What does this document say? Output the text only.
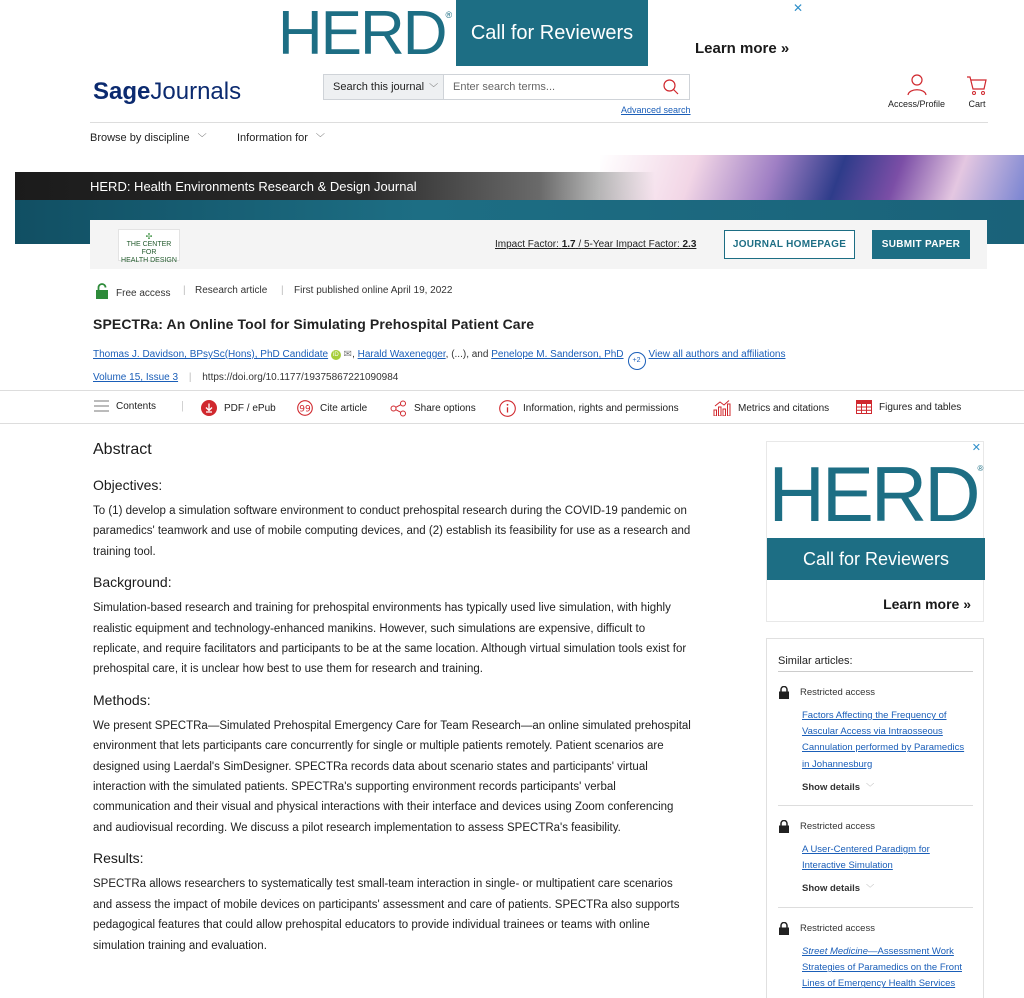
HERD®
Call for Reviewers
Learn more »
✕
SageJournals	Search this journal ﹀ Enter search terms...
Advanced search
Access/Profile	Cart
Browse by discipline ﹀	Information for ﹀
HERD: Health Environments Research & Design Journal
✣
THE CENTER FOR
HEALTH DESIGN
Impact Factor: 1.7 / 5-Year Impact Factor: 2.3	JOURNAL HOMEPAGE	SUBMIT PAPER
Free access | Research article | First published online April 19, 2022
SPECTRa: An Online Tool for Simulating Prehospital Patient Care
Thomas J. Davidson, BPsySc(Hons), PhD Candidate iD ✉, Harald Waxenegger, (...), and Penelope M. Sanderson, PhD+2View all authors and affiliations
Volume 15, Issue 3 | https://doi.org/10.1177/19375867221090984
Contents |	PDF / ePub	99 Cite article	Share options	Information, rights and permissions	Metrics and citations	Figures and tables
Abstract
Objectives:

To (1) develop a simulation software environment to conduct prehospital research during the COVID-19 pandemic on paramedics' teamwork and use of mobile computing devices, and (2) establish its feasibility for use as a research and training tool.

Background:

Simulation-based research and training for prehospital environments has typically used live simulation, with highly realistic equipment and technology-enhanced manikins. However, such simulations are expensive, difficult to replicate, and require facilitators and participants to be at the same location. Although virtual simulation tools exist for prehospital care, it is unclear how best to use them for research and training.

Methods:

We present SPECTRa—Simulated Prehospital Emergency Care for Team Research—an online simulated prehospital environment that lets participants care concurrently for single or multiple patients remotely. Patient scenarios are designed using Laerdal's SimDesigner. SPECTRa records data about scenario states and participants' virtual interaction with the simulated patients. SPECTRa's supporting environment records participants' verbal communication and their visual and physical interactions with their interface and devices using Zoom conferencing and audiovisual recording. We discuss a pilot research implementation to assess SPECTRa's feasibility.

Results:

SPECTRa allows researchers to systematically test small-team interaction in single- or multipatient care scenarios and assess the impact of mobile devices on participants' assessment and care of patients. SPECTRa also supports pedagogical features that could allow prehospital educators to provide individual trainees or teams with online simulation training and evaluation.

HERD®
Call for Reviewers
Learn more »
✕
Similar articles:
Restricted access
Factors Affecting the Frequency of Vascular Access via Intraosseous Cannulation performed by Paramedics in Johannesburg
Show details ﹀
Restricted access
A User-Centered Paradigm for Interactive Simulation
Show details ﹀
Restricted access
Street Medicine—Assessment Work Strategies of Paramedics on the Front Lines of Emergency Health Services
